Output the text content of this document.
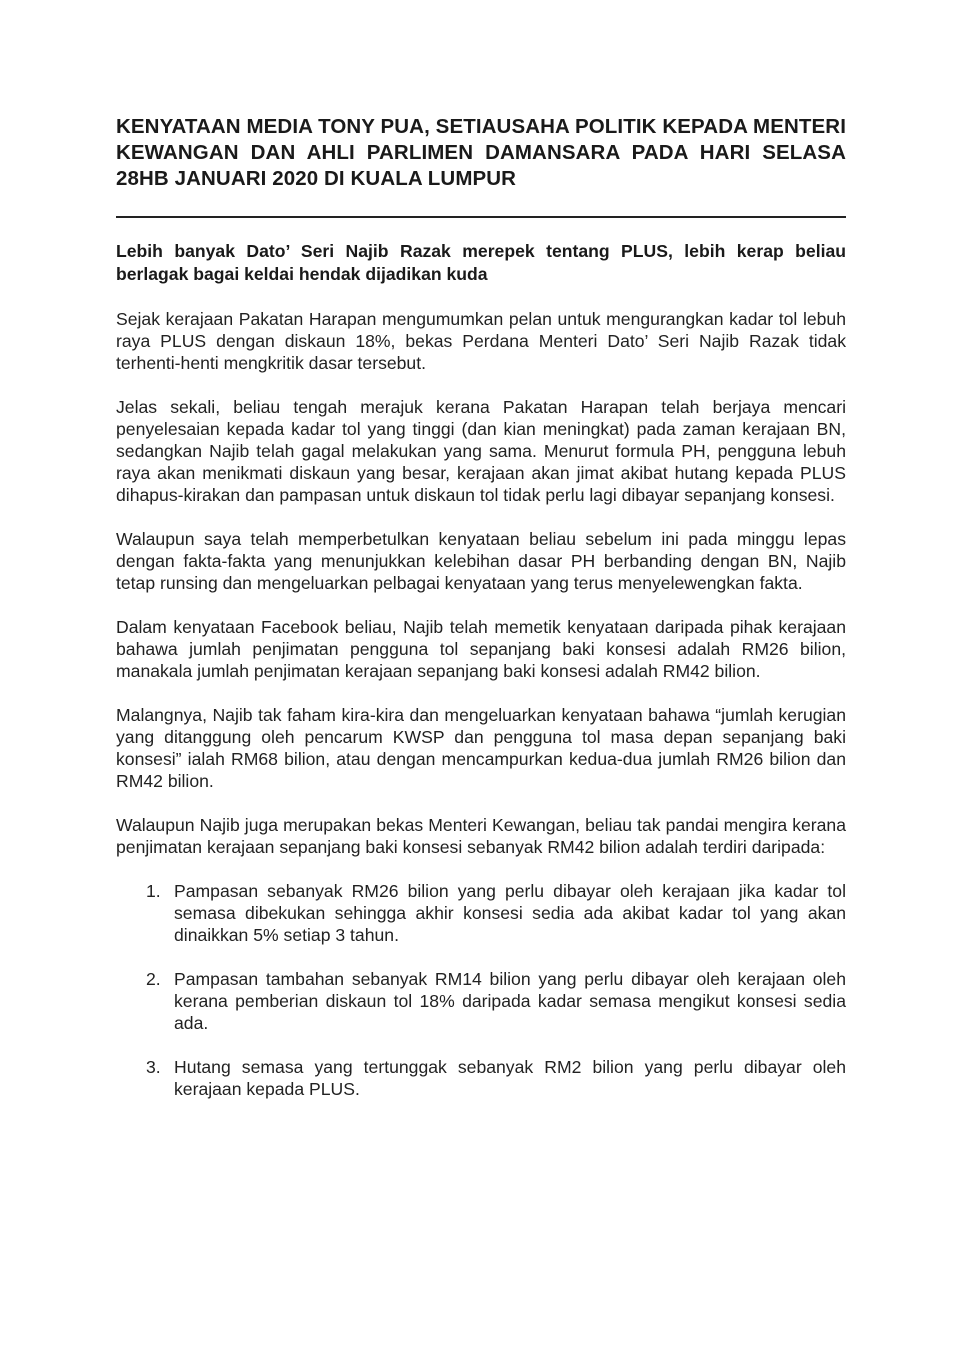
KENYATAAN MEDIA TONY PUA, SETIAUSAHA POLITIK KEPADA MENTERI KEWANGAN DAN AHLI PARLIMEN DAMANSARA PADA HARI SELASA 28HB JANUARI 2020 DI KUALA LUMPUR
Lebih banyak Dato’ Seri Najib Razak merepek tentang PLUS, lebih kerap beliau berlagak bagai keldai hendak dijadikan kuda

Sejak kerajaan Pakatan Harapan mengumumkan pelan untuk mengurangkan kadar tol lebuh raya PLUS dengan diskaun 18%, bekas Perdana Menteri Dato’ Seri Najib Razak tidak terhenti-henti mengkritik dasar tersebut.

Jelas sekali, beliau tengah merajuk kerana Pakatan Harapan telah berjaya mencari penyelesaian kepada kadar tol yang tinggi (dan kian meningkat) pada zaman kerajaan BN, sedangkan Najib telah gagal melakukan yang sama. Menurut formula PH, pengguna lebuh raya akan menikmati diskaun yang besar, kerajaan akan jimat akibat hutang kepada PLUS dihapus-kirakan dan pampasan untuk diskaun tol tidak perlu lagi dibayar sepanjang konsesi.

Walaupun saya telah memperbetulkan kenyataan beliau sebelum ini pada minggu lepas dengan fakta-fakta yang menunjukkan kelebihan dasar PH berbanding dengan BN, Najib tetap runsing dan mengeluarkan pelbagai kenyataan yang terus menyelewengkan fakta.

Dalam kenyataan Facebook beliau, Najib telah memetik kenyataan daripada pihak kerajaan bahawa jumlah penjimatan pengguna tol sepanjang baki konsesi adalah RM26 bilion, manakala jumlah penjimatan kerajaan sepanjang baki konsesi adalah RM42 bilion.

Malangnya, Najib tak faham kira-kira dan mengeluarkan kenyataan bahawa “jumlah kerugian yang ditanggung oleh pencarum KWSP dan pengguna tol masa depan sepanjang baki konsesi” ialah RM68 bilion, atau dengan mencampurkan kedua-dua jumlah RM26 bilion dan RM42 bilion.

Walaupun Najib juga merupakan bekas Menteri Kewangan, beliau tak pandai mengira kerana penjimatan kerajaan sepanjang baki konsesi sebanyak RM42 bilion adalah terdiri daripada:

1. Pampasan sebanyak RM26 bilion yang perlu dibayar oleh kerajaan jika kadar tol semasa dibekukan sehingga akhir konsesi sedia ada akibat kadar tol yang akan dinaikkan 5% setiap 3 tahun.
2. Pampasan tambahan sebanyak RM14 bilion yang perlu dibayar oleh kerajaan oleh kerana pemberian diskaun tol 18% daripada kadar semasa mengikut konsesi sedia ada.
3. Hutang semasa yang tertunggak sebanyak RM2 bilion yang perlu dibayar oleh kerajaan kepada PLUS.
